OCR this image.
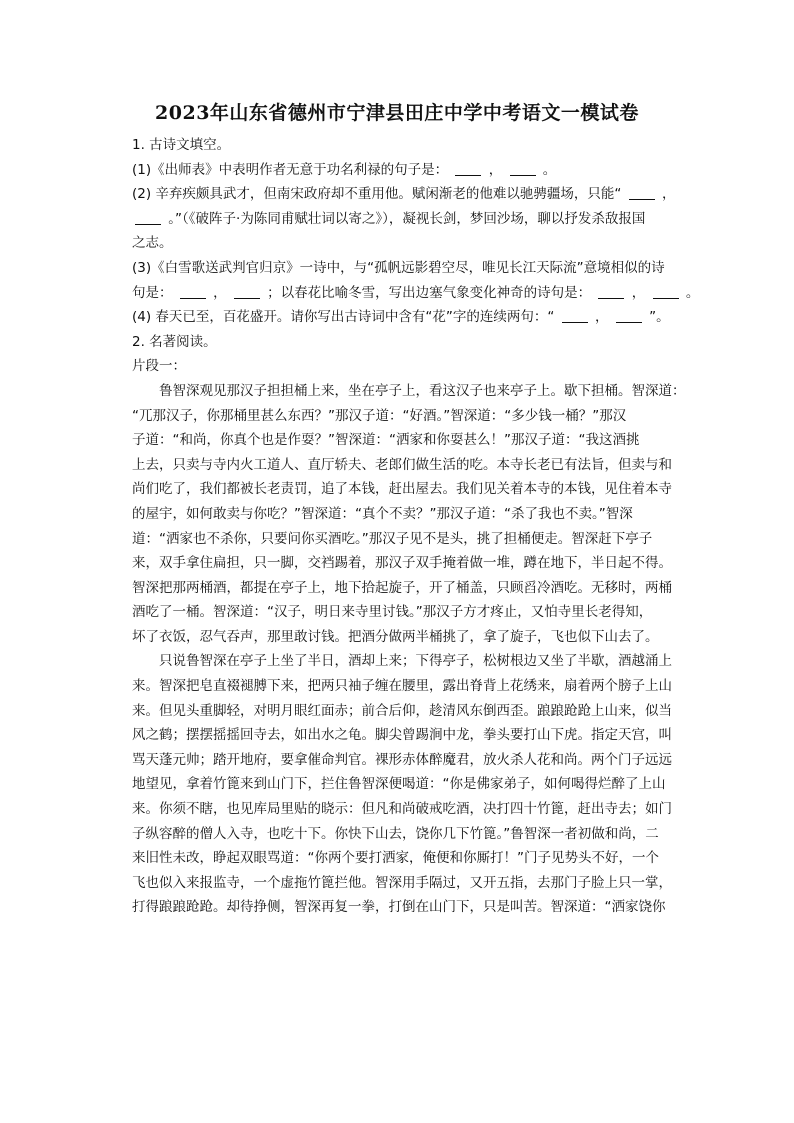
2023年山东省德州市宁津县田庄中学中考语文一模试卷
1. 古诗文填空。
(1)《出师表》中表明作者无意于功名利禄的句子是：  ，  。
(2) 辛弃疾颇具武才，但南宋政府却不重用他。赋闲渐老的他难以驰骋疆场，只能“  ，
。”（《破阵子·为陈同甫赋壮词以寄之》），凝视长剑，梦回沙场，聊以抒发杀敌报国
之志。
(3)《白雪歌送武判官归京》一诗中，与“孤帆远影碧空尽，唯见长江天际流”意境相似的诗
句是：  ，  ；以春花比喻冬雪，写出边塞气象变化神奇的诗句是：  ，  。
(4) 春天已至，百花盛开。请你写出古诗词中含有“花”字的连续两句：“  ，  ”。
2. 名著阅读。
片段一：
鲁智深观见那汉子担担桶上来，坐在亭子上，看这汉子也来亭子上。歇下担桶。智深道：
“兀那汉子，你那桶里甚么东西？”那汉子道：“好酒。”智深道：“多少钱一桶？”那汉
子道：“和尚，你真个也是作耍？”智深道：“洒家和你耍甚么！”那汉子道：“我这酒挑
上去，只卖与寺内火工道人、直厅轿夫、老郎们做生活的吃。本寺长老已有法旨，但卖与和
尚们吃了，我们都被长老责罚，追了本钱，赶出屋去。我们见关着本寺的本钱，见住着本寺
的屋宇，如何敢卖与你吃？”智深道：“真个不卖？”那汉子道：“杀了我也不卖。”智深
道：“洒家也不杀你，只要问你买酒吃。”那汉子见不是头，挑了担桶便走。智深赶下亭子
来，双手拿住扁担，只一脚，交裆踢着，那汉子双手掩着做一堆，蹲在地下，半日起不得。
智深把那两桶酒，都提在亭子上，地下拾起旋子，开了桶盖，只顾舀冷酒吃。无移时，两桶
酒吃了一桶。智深道：“汉子，明日来寺里讨钱。”那汉子方才疼止，又怕寺里长老得知，
坏了衣饭，忍气吞声，那里敢讨钱。把酒分做两半桶挑了，拿了旋子，飞也似下山去了。
只说鲁智深在亭子上坐了半日，酒却上来；下得亭子，松树根边又坐了半歇，酒越涌上
来。智深把皂直裰褪膊下来，把两只袖子缠在腰里，露出脊背上花绣来，扇着两个膀子上山
来。但见头重脚轻，对明月眼红面赤；前合后仰，趁清风东倒西歪。踉踉跄跄上山来，似当
风之鹤；摆摆摇摇回寺去，如出水之龟。脚尖曾踢涧中龙，拳头要打山下虎。指定天宫，叫
骂天蓬元帅；踏开地府，要拿催命判官。裸形赤体醉魔君，放火杀人花和尚。两个门子远远
地望见，拿着竹篦来到山门下，拦住鲁智深便喝道：“你是佛家弟子，如何喝得烂醉了上山
来。你须不瞎，也见库局里贴的晓示：但凡和尚破戒吃酒，决打四十竹篦，赶出寺去；如门
子纵容醉的僧人入寺，也吃十下。你快下山去，饶你几下竹篦。”鲁智深一者初做和尚，二
来旧性未改，睁起双眼骂道：“你两个要打洒家，俺便和你厮打！”门子见势头不好，一个
飞也似入来报监寺，一个虚拖竹篦拦他。智深用手隔过，又开五指，去那门子脸上只一掌，
打得踉踉跄跄。却待挣侧，智深再复一拳，打倒在山门下，只是叫苦。智深道：“洒家饶你
